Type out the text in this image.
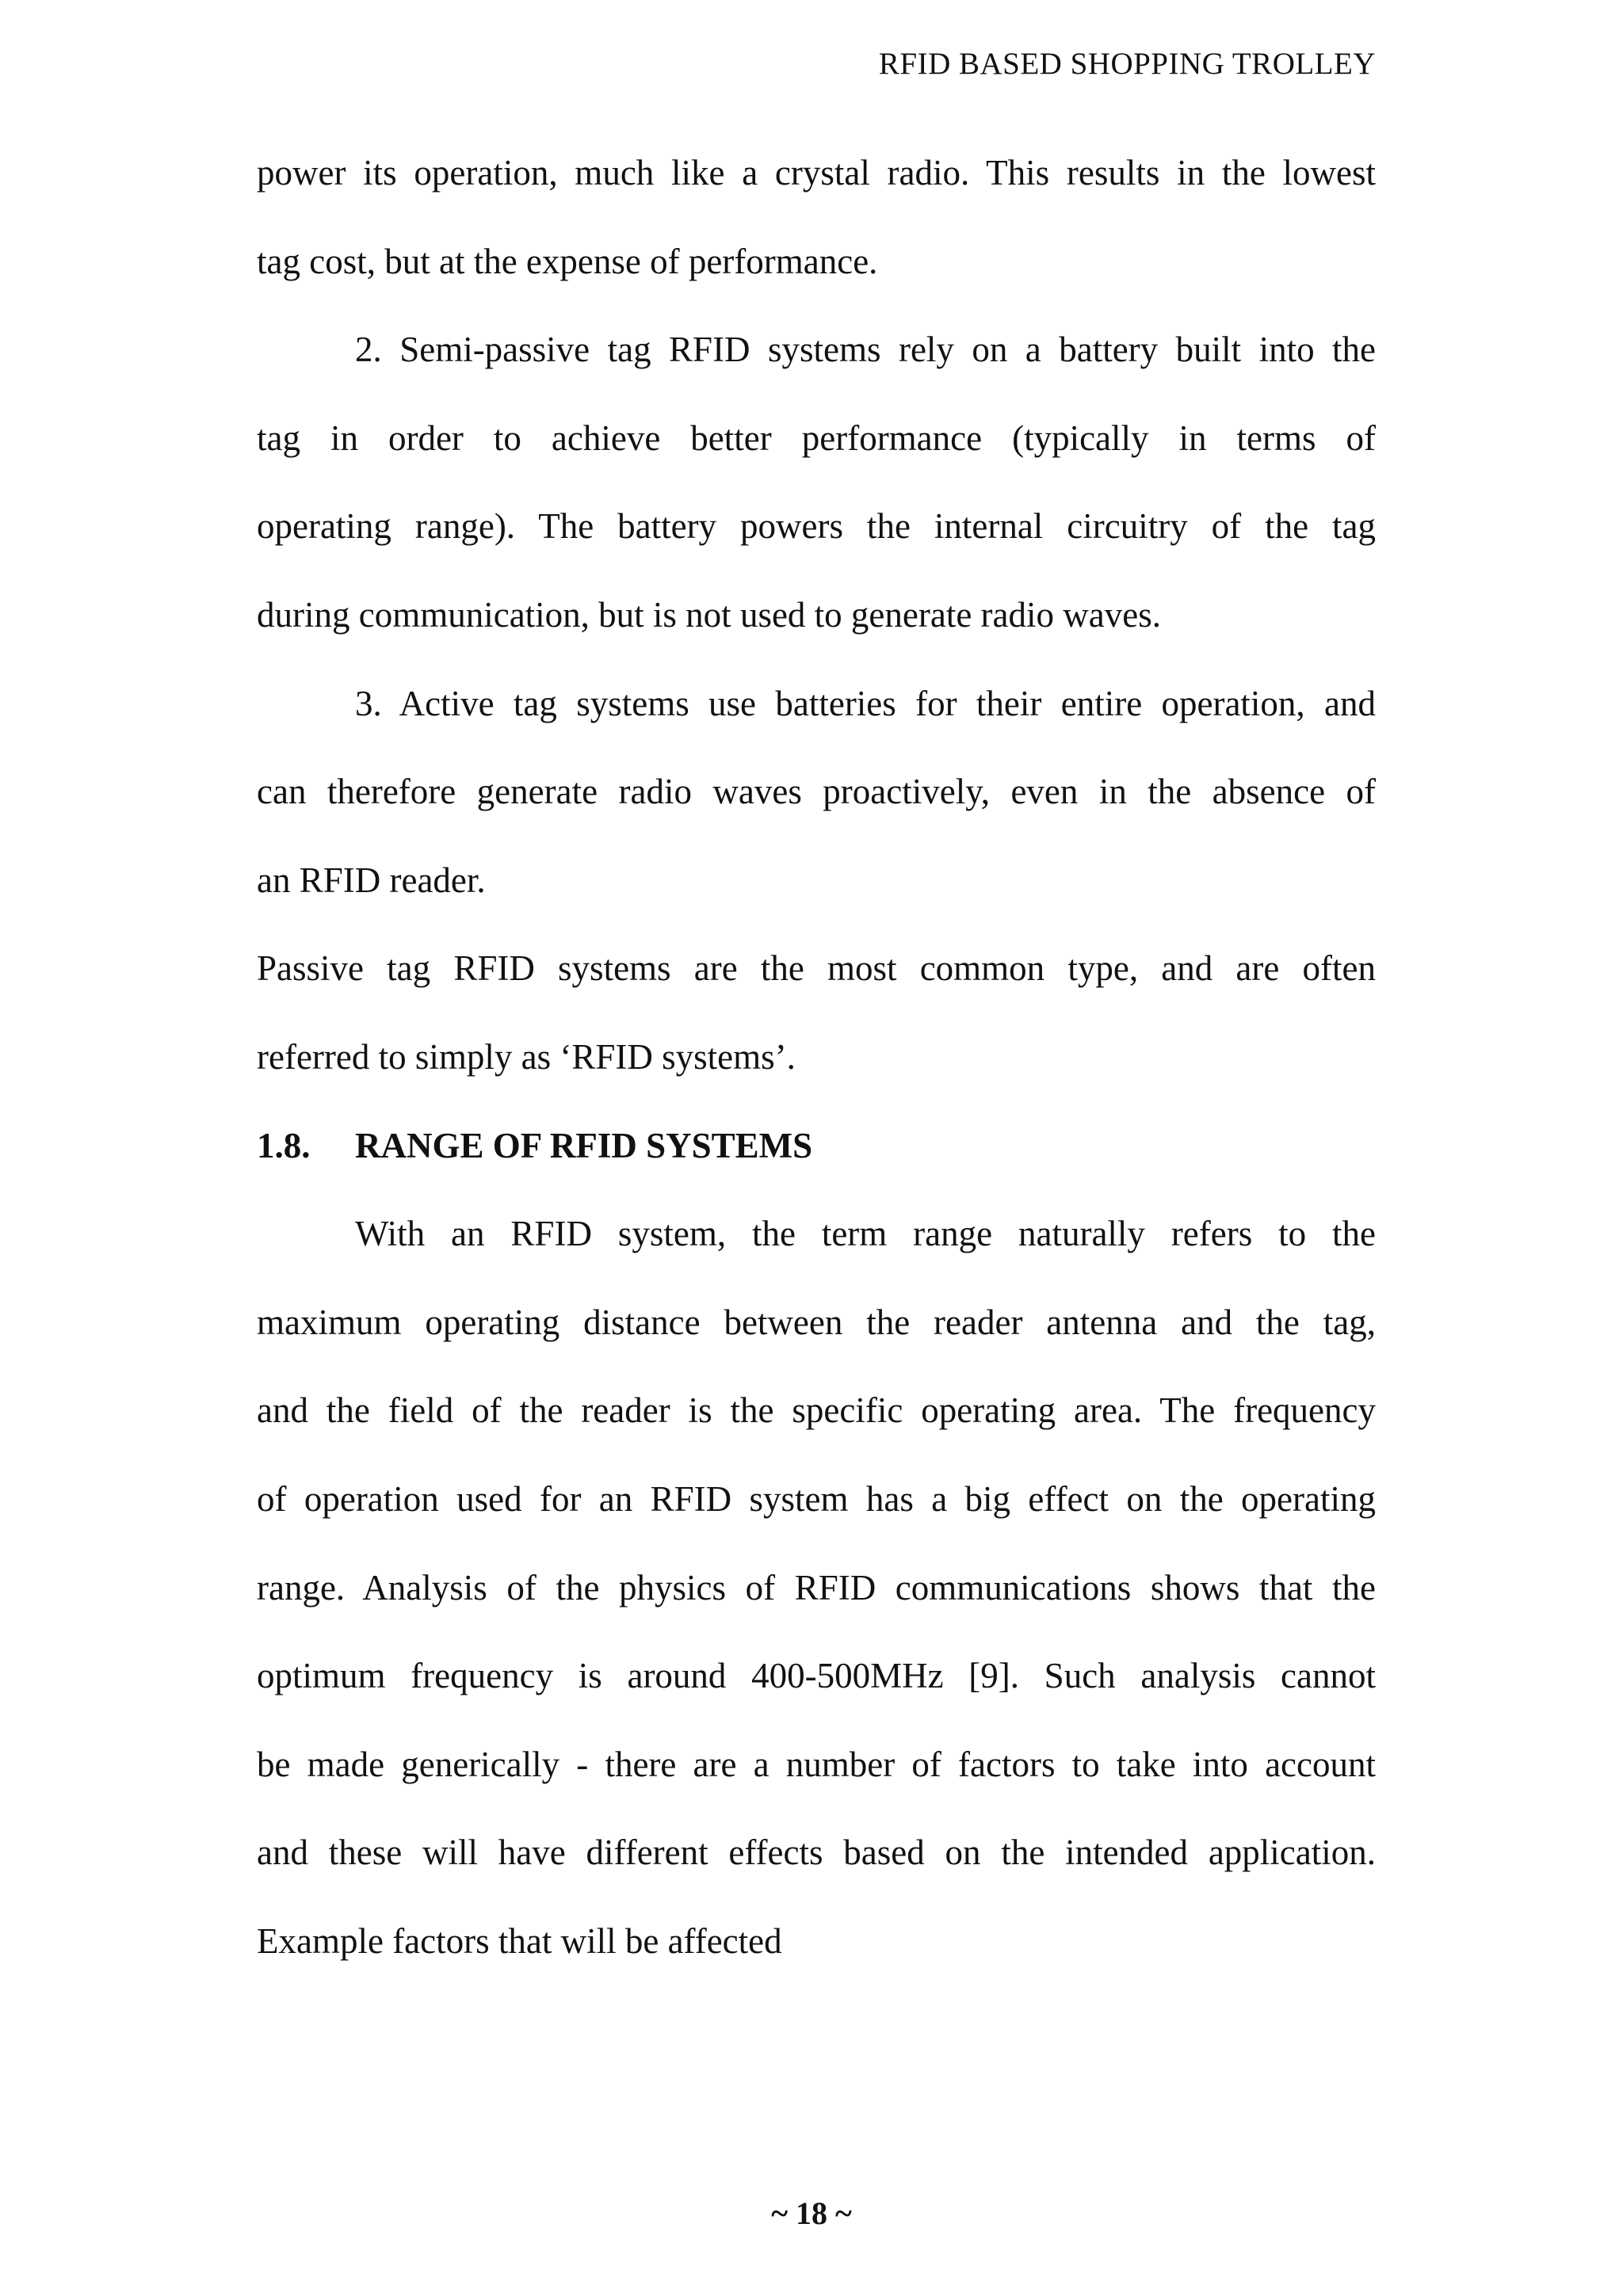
RFID BASED SHOPPING TROLLEY
power its operation, much like a crystal radio. This results in the lowest
tag cost, but at the expense of performance.
2. Semi-passive tag RFID systems rely on a battery built into the
tag in order to achieve better performance (typically in terms of
operating range). The battery powers the internal circuitry of the tag
during communication, but is not used to generate radio waves.
3. Active tag systems use batteries for their entire operation, and
can therefore generate radio waves proactively, even in the absence of
an RFID reader.
Passive tag RFID systems are the most common type, and are often
referred to simply as ‘RFID systems’.
1.8. RANGE OF RFID SYSTEMS
With an RFID system, the term range naturally refers to the
maximum operating distance between the reader antenna and the tag,
and the field of the reader is the specific operating area. The frequency
of operation used for an RFID system has a big effect on the operating
range. Analysis of the physics of RFID communications shows that the
optimum frequency is around 400-500MHz [9]. Such analysis cannot
be made generically - there are a number of factors to take into account
and these will have different effects based on the intended application.
Example factors that will be affected
~ 18 ~
